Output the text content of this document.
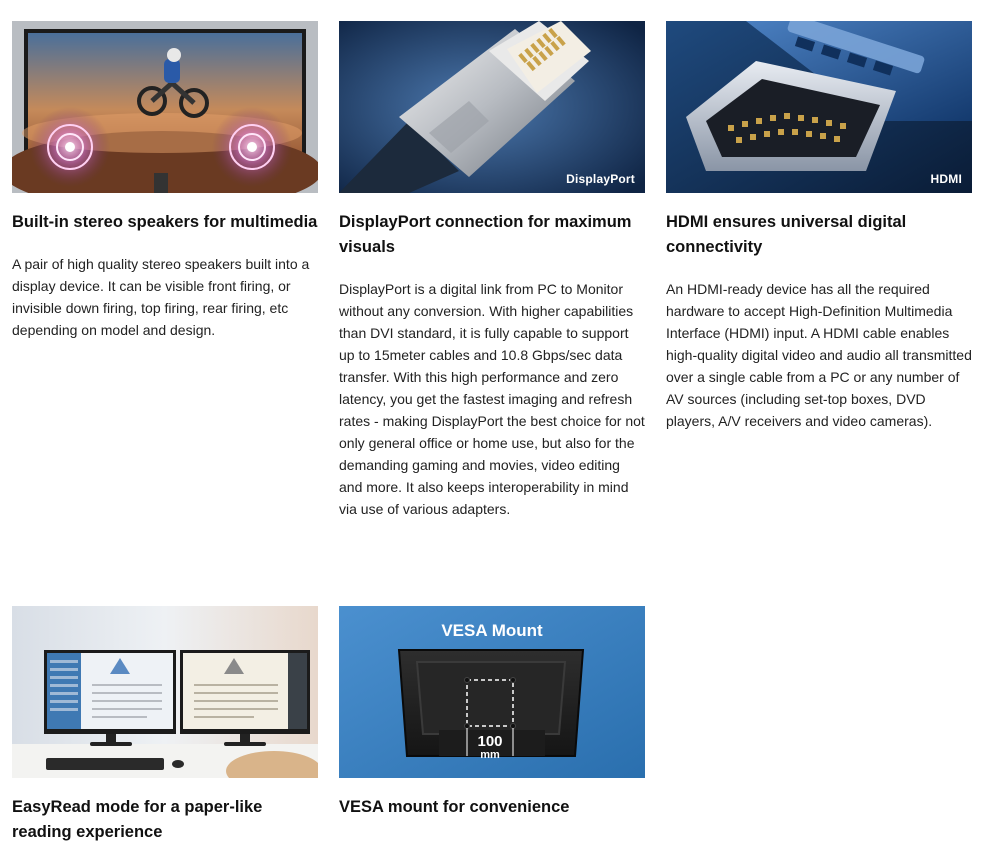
Built-in stereo speakers for multimedia
A pair of high quality stereo speakers built into a display device. It can be visible front firing, or invisible down firing, top firing, rear firing, etc depending on model and design.
DisplayPort
DisplayPort connection for maximum visuals
DisplayPort is a digital link from PC to Monitor without any conversion. With higher capabilities than DVI standard, it is fully capable to support up to 15meter cables and 10.8 Gbps/sec data transfer. With this high performance and zero latency, you get the fastest imaging and refresh rates - making DisplayPort the best choice for not only general office or home use, but also for the demanding gaming and movies, video editing and more. It also keeps interoperability in mind via use of various adapters.
HDMI
HDMI ensures universal digital connectivity
An HDMI-ready device has all the required hardware to accept High-Definition Multimedia Interface (HDMI) input. A HDMI cable enables high-quality digital video and audio all transmitted over a single cable from a PC or any number of AV sources (including set-top boxes, DVD players, A/V receivers and video cameras).
EasyRead mode for a paper-like reading experience
VESA Mount
100
mm
VESA mount for convenience
